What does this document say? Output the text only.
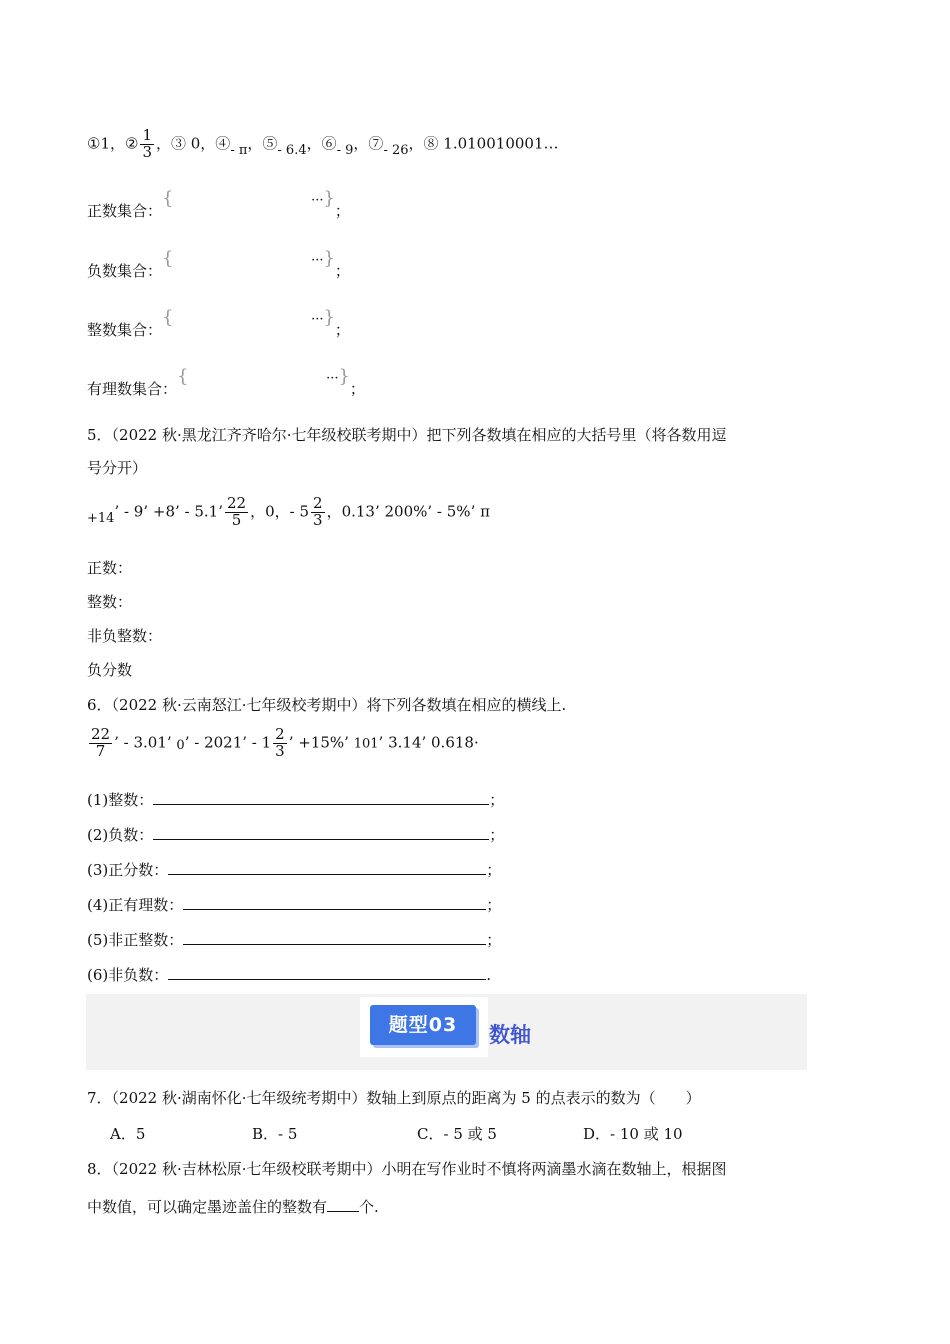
①1，② $\frac{1}{3}$ ，③ 0，④- π，⑤- 6.4，⑥- 9，⑦- 26，⑧ 1.010010001…
正数集合：{	···}；
负数集合：{	···}；
整数集合：{	···}；
有理数集合：{	···}；
5．（2022 秋·黑龙江齐齐哈尔·七年级校联考期中）把下列各数填在相应的大括号里（将各数用逗
号分开）
+14’ - 9’ +8’ - 5.1’ $\frac{22}{5}$ ，0，- $5 \frac{2}{3}$ ，0.13’ 200%’ - 5%’ π
正数：
整数：
非负整数：
负分数
6．（2022 秋·云南怒江·七年级校考期中）将下列各数填在相应的横线上.
$\frac{22}{7}$ ’ - 3.01’ 0’ - 2021’ - $1 \frac{2}{3}$ ’ +15%’ 101’ 3.14’ 0.618·
(1)整数：	；
(2)负数：	；
(3)正分数：	；
(4)正有理数：	；
(5)非正整数：	；
(6)非负数：	.
题型03	数轴
7．（2022 秋·湖南怀化·七年级统考期中）数轴上到原点的距离为 5 的点表示的数为（　　）
A．5	B．- 5	C．- 5 或 5	D．- 10 或 10
8．（2022 秋·吉林松原·七年级校联考期中）小明在写作业时不慎将两滴墨水滴在数轴上，根据图
中数值，可以确定墨迹盖住的整数有 个.
